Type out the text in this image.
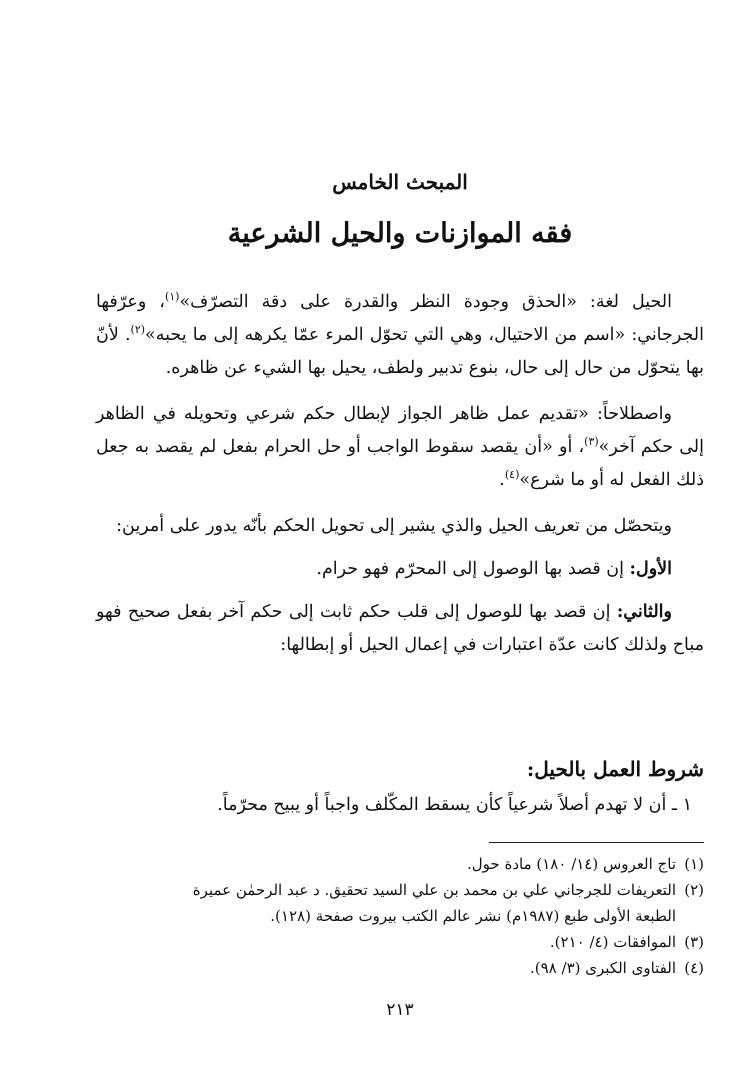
المبحث الخامس
فقه الموازنات والحيل الشرعية

الحيل لغة: «الحذق وجودة النظر والقدرة على دقة التصرّف»$^{(١)}$، وعرّفها الجرجاني: «اسم من الاحتيال، وهي التي تحوّل المرء عمّا يكرهه إلى ما يحبه»$^{(٢)}$. لأنّ بها يتحوّل من حال إلى حال، بنوع تدبير ولطف، يحيل بها الشيء عن ظاهره.

واصطلاحاً: «تقديم عمل ظاهر الجواز لإبطال حكم شرعي وتحويله في الظاهر إلى حكم آخر»$^{(٣)}$، أو «أن يقصد سقوط الواجب أو حل الحرام بفعل لم يقصد به جعل ذلك الفعل له أو ما شرع»$^{(٤)}$.

ويتحصّل من تعريف الحيل والذي يشير إلى تحويل الحكم بأنّه يدور على أمرين:

الأول: إن قصد بها الوصول إلى المحرّم فهو حرام.

والثاني: إن قصد بها للوصول إلى قلب حكم ثابت إلى حكم آخر بفعل صحيح فهو مباح ولذلك كانت عدّة اعتبارات في إعمال الحيل أو إبطالها:

شروط العمل بالحيل:
١ ـ أن لا تهدم أصلاً شرعياً كأن يسقط المكّلف واجباً أو يبيح محرّماً.

(١)تاج العروس (١٤/ ١٨٠) مادة حول.

(٢)التعريفات للجرجاني علي بن محمد بن علي السيد تحقيق. د عبد الرحمٰن عميرة

الطبعة الأولى طبع (١٩٨٧م) نشر عالم الكتب بيروت صفحة (١٢٨).

(٣)الموافقات (٤/ ٢١٠).

(٤)الفتاوى الكبرى (٣/ ٩٨).

٢١٣
